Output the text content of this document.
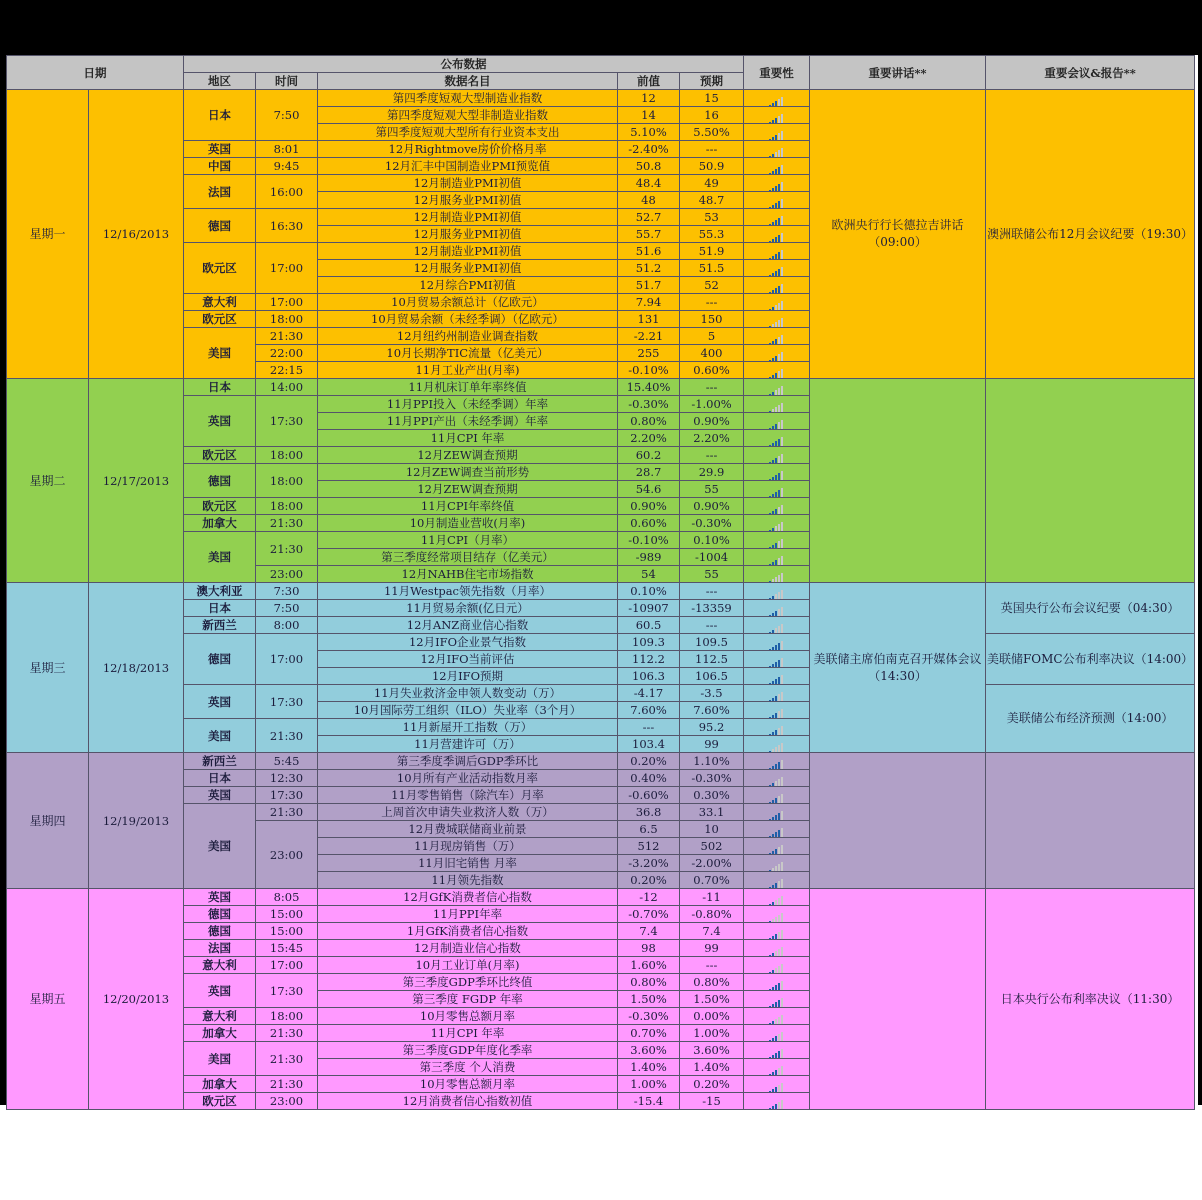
日期		公布数据					重要性	重要讲话**	重要会议&报告**
		地区	时间	数据名目	前值	预期			
星期一	12/16/2013	日本	7:50	第四季度短观大型制造业指数	12	15		欧洲央行行长德拉吉讲话（09:00）	澳洲联储公布12月会议纪要（19:30）
				第四季度短观大型非制造业指数	14	16			
				第四季度短观大型所有行业资本支出	5.10%	5.50%			
		英国	8:01	12月Rightmove房价价格月率	-2.40%	---			
		中国	9:45	12月汇丰中国制造业PMI预览值	50.8	50.9			
		法国	16:00	12月制造业PMI初值	48.4	49			
				12月服务业PMI初值	48	48.7			
		德国	16:30	12月制造业PMI初值	52.7	53			
				12月服务业PMI初值	55.7	55.3			
		欧元区	17:00	12月制造业PMI初值	51.6	51.9			
				12月服务业PMI初值	51.2	51.5			
				12月综合PMI初值	51.7	52			
		意大利	17:00	10月贸易余额总计（亿欧元）	7.94	---			
		欧元区	18:00	10月贸易余额（未经季调）（亿欧元）	131	150			
		美国	21:30	12月纽约州制造业调查指数	-2.21	5			
			22:00	10月长期净TIC流量（亿美元）	255	400			
			22:15	11月工业产出(月率)	-0.10%	0.60%			
星期二	12/17/2013	日本	14:00	11月机床订单年率终值	15.40%	---			
		英国	17:30	11月PPI投入（未经季调）年率	-0.30%	-1.00%			
				11月PPI产出（未经季调）年率	0.80%	0.90%			
				11月CPI 年率	2.20%	2.20%			
		欧元区	18:00	12月ZEW调查预期	60.2	---			
		德国	18:00	12月ZEW调查当前形势	28.7	29.9			
				12月ZEW调查预期	54.6	55			
		欧元区	18:00	11月CPI年率终值	0.90%	0.90%			
		加拿大	21:30	10月制造业营收(月率)	0.60%	-0.30%			
		美国	21:30	11月CPI（月率）	-0.10%	0.10%			
				第三季度经常项目结存（亿美元）	-989	-1004			
			23:00	12月NAHB住宅市场指数	54	55			
星期三	12/18/2013	澳大利亚	7:30	11月Westpac领先指数（月率）	0.10%	---		美联储主席伯南克召开媒体会议（14:30）	英国央行公布会议纪要（04:30）
		日本	7:50	11月贸易余额(亿日元）	-10907	-13359			
		新西兰	8:00	12月ANZ商业信心指数	60.5	---			
		德国	17:00	12月IFO企业景气指数	109.3	109.5			美联储FOMC公布利率决议（14:00）
				12月IFO当前评估	112.2	112.5			
				12月IFO预期	106.3	106.5			
		英国	17:30	11月失业救济金申领人数变动（万）	-4.17	-3.5			美联储公布经济预测（14:00）
				10月国际劳工组织（ILO）失业率（3个月）	7.60%	7.60%			
		美国	21:30	11月新屋开工指数（万）	---	95.2			
				11月营建许可（万）	103.4	99			
星期四	12/19/2013	新西兰	5:45	第三季度季调后GDP季环比	0.20%	1.10%			
		日本	12:30	10月所有产业活动指数月率	0.40%	-0.30%			
		英国	17:30	11月零售销售（除汽车）月率	-0.60%	0.30%			
		美国	21:30	上周首次申请失业救济人数（万）	36.8	33.1			
			23:00	12月费城联储商业前景	6.5	10			
				11月现房销售（万）	512	502			
				11月旧宅销售 月率	-3.20%	-2.00%			
				11月领先指数	0.20%	0.70%			
星期五	12/20/2013	英国	8:05	12月GfK消费者信心指数	-12	-11			日本央行公布利率决议（11:30）
		德国	15:00	11月PPI年率	-0.70%	-0.80%			
		德国	15:00	1月GfK消费者信心指数	7.4	7.4			
		法国	15:45	12月制造业信心指数	98	99			
		意大利	17:00	10月工业订单(月率)	1.60%	---			
		英国	17:30	第三季度GDP季环比终值	0.80%	0.80%			
				第三季度 FGDP 年率	1.50%	1.50%			
		意大利	18:00	10月零售总额月率	-0.30%	0.00%			
		加拿大	21:30	11月CPI 年率	0.70%	1.00%			
		美国	21:30	第三季度GDP年度化季率	3.60%	3.60%			
				第三季度 个人消费	1.40%	1.40%			
		加拿大	21:30	10月零售总额月率	1.00%	0.20%			
		欧元区	23:00	12月消费者信心指数初值	-15.4	-15			
